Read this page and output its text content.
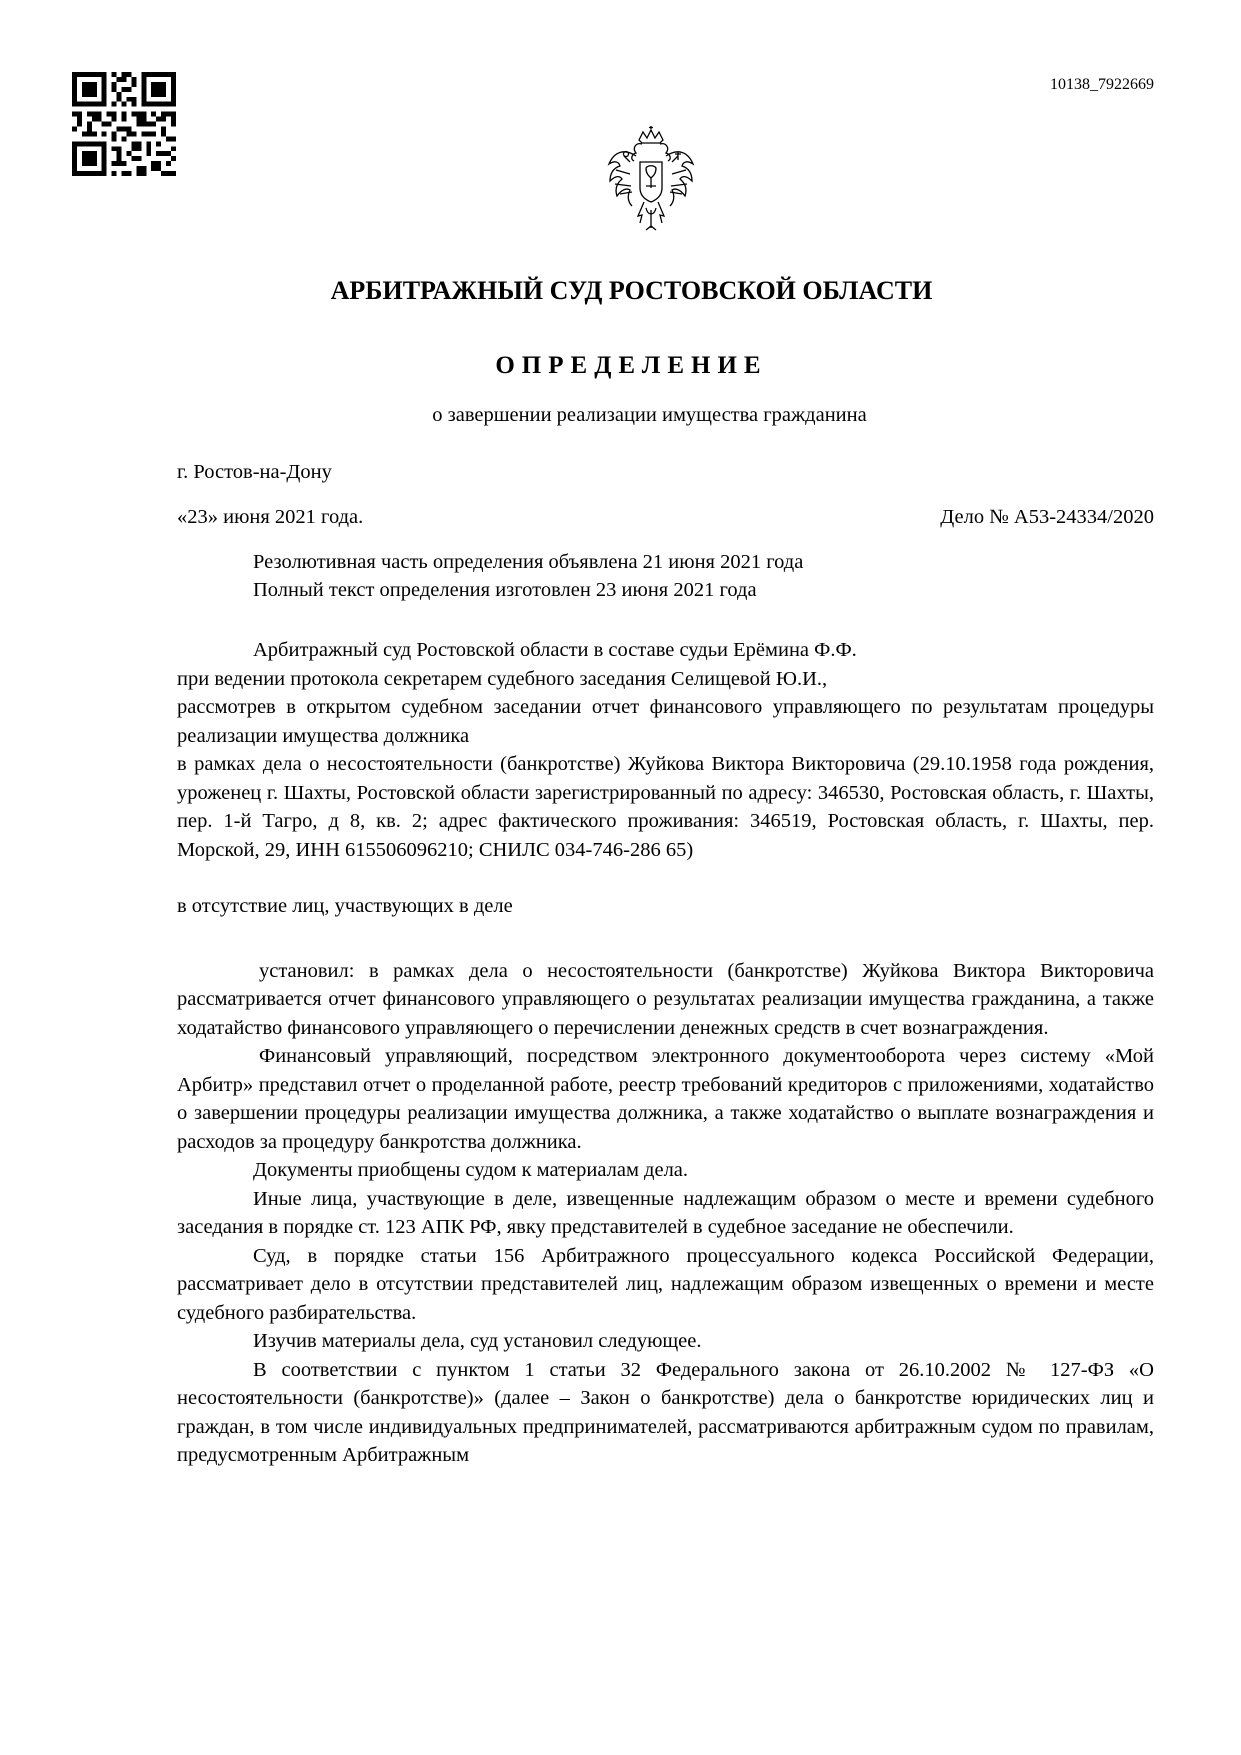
10138_7922669
АРБИТРАЖНЫЙ СУД РОСТОВСКОЙ ОБЛАСТИ
ОПРЕДЕЛЕНИЕ
о завершении реализации имущества гражданина
г. Ростов-на-Дону
«23» июня 2021 года.	Дело № А53-24334/2020
Резолютивная часть определения объявлена 21 июня 2021 года
Полный текст определения изготовлен 23 июня 2021 года

Арбитражный суд Ростовской области в составе судьи Ерёмина Ф.Ф.

при ведении протокола секретарем судебного заседания Селищевой Ю.И.,

рассмотрев в открытом судебном заседании отчет финансового управляющего по результатам процедуры реализации имущества должника

в рамках дела о несостоятельности (банкротстве) Жуйкова Виктора Викторовича (29.10.1958 года рождения, уроженец г. Шахты, Ростовской области зарегистрированный по адресу: 346530, Ростовская область, г. Шахты, пер. 1-й Тагро, д 8, кв. 2; адрес фактического проживания: 346519, Ростовская область, г. Шахты, пер. Морской, 29, ИНН 615506096210; СНИЛС 034-746-286 65)

в отсутствие лиц, участвующих в деле

установил: в рамках дела о несостоятельности (банкротстве) Жуйкова Виктора Викторовича рассматривается отчет финансового управляющего о результатах реализации имущества гражданина, а также ходатайство финансового управляющего о перечислении денежных средств в счет вознаграждения.

Финансовый управляющий, посредством электронного документооборота через систему «Мой Арбитр» представил отчет о проделанной работе, реестр требований кредиторов с приложениями, ходатайство о завершении процедуры реализации имущества должника, а также ходатайство о выплате вознаграждения и расходов за процедуру банкротства должника.

Документы приобщены судом к материалам дела.

Иные лица, участвующие в деле, извещенные надлежащим образом о месте и времени судебного заседания в порядке ст. 123 АПК РФ, явку представителей в судебное заседание не обеспечили.

Суд, в порядке статьи 156 Арбитражного процессуального кодекса Российской Федерации, рассматривает дело в отсутствии представителей лиц, надлежащим образом извещенных о времени и месте судебного разбирательства.

Изучив материалы дела, суд установил следующее.

В соответствии с пунктом 1 статьи 32 Федерального закона от 26.10.2002 № 127-ФЗ «О несостоятельности (банкротстве)» (далее – Закон о банкротстве) дела о банкротстве юридических лиц и граждан, в том числе индивидуальных предпринимателей, рассматриваются арбитражным судом по правилам, предусмотренным Арбитражным
